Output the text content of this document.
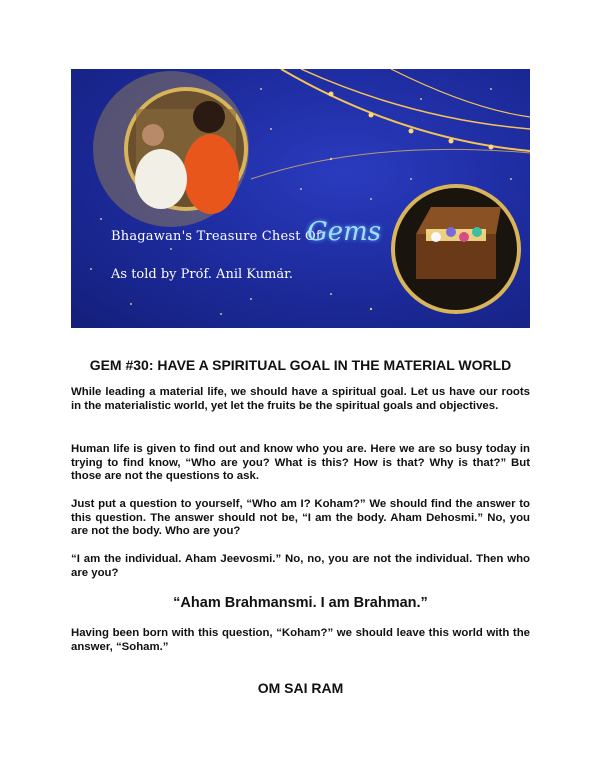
Bhagawan's Treasure Chest Of
Gems
As told by Prof. Anil Kumar.
GEM #30: HAVE A SPIRITUAL GOAL IN THE MATERIAL WORLD

While leading a material life, we should have a spiritual goal. Let us have our roots in the materialistic world, yet let the fruits be the spiritual goals and objectives.

Human life is given to find out and know who you are. Here we are so busy today in trying to find know, “Who are you? What is this? How is that? Why is that?” But those are not the questions to ask.

Just put a question to yourself, “Who am I? Koham?” We should find the answer to this question. The answer should not be, “I am the body. Aham Dehosmi.” No, you are not the body. Who are you?

“I am the individual. Aham Jeevosmi.” No, no, you are not the individual. Then who are you?

“Aham Brahmansmi. I am Brahman.”

Having been born with this question, “Koham?” we should leave this world with the answer, “Soham.”

OM SAI RAM
